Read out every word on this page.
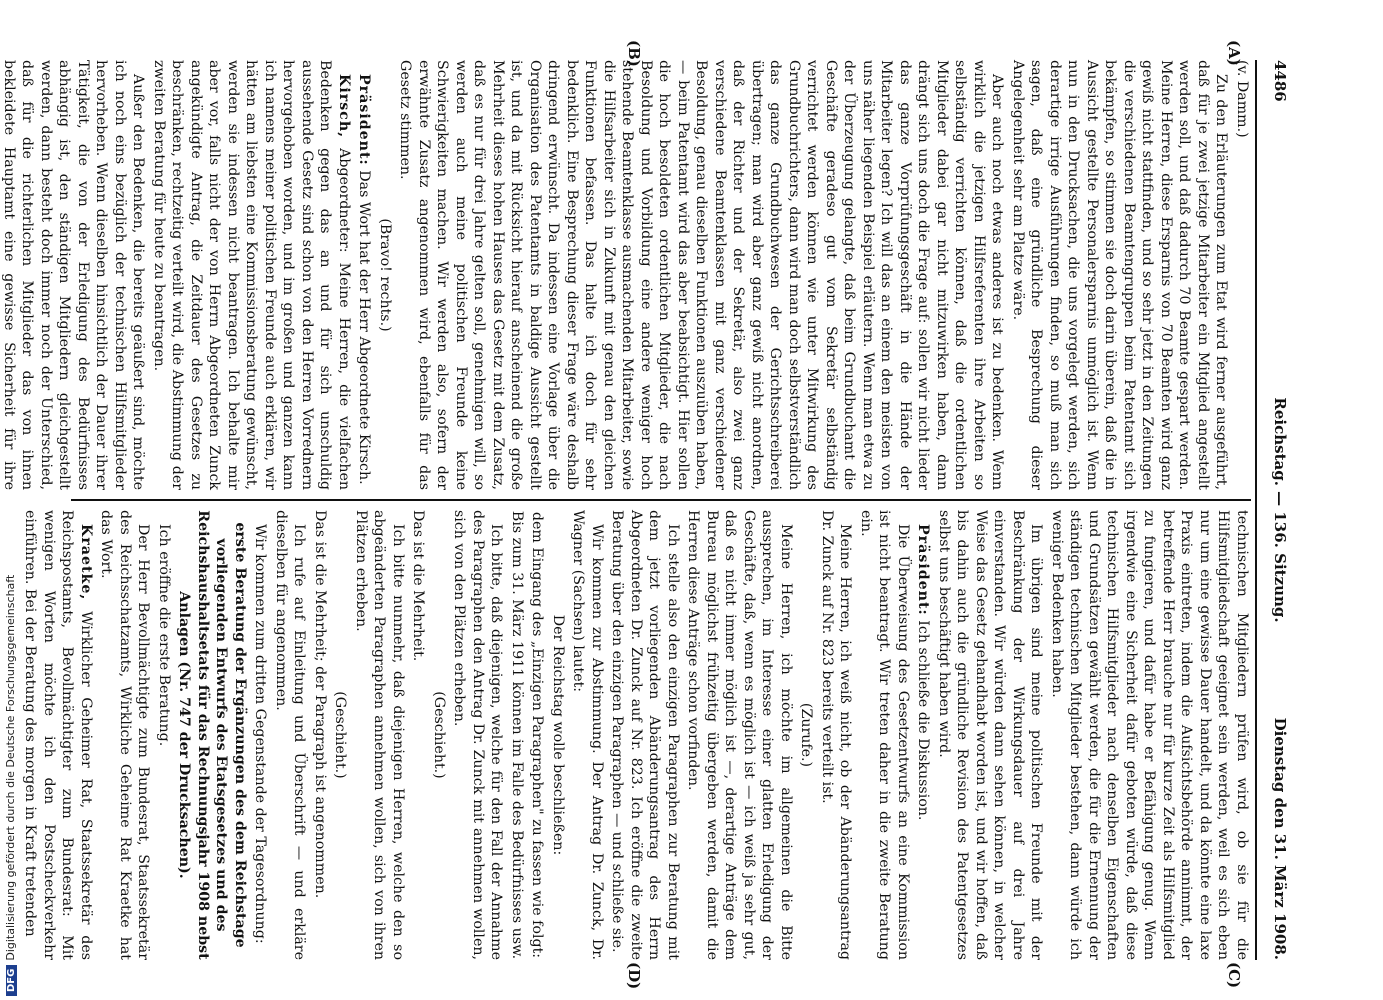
4486
Reichstag. — 136. Sitzung.
Dienstag den 31. März 1908.
(A)
(B)
(C)
(D)

(v. Damm.)

Zu den Erläuterungen zum Etat wird ferner ausgeführt, daß für je zwei jetzige Mitarbeiter ein Mitglied angestellt werden soll, und daß dadurch 70 Beamte gespart werden. Meine Herren, diese Ersparnis von 70 Beamten wird ganz gewiß nicht stattfinden, und so sehr jetzt in den Zeitungen die verschiedenen Beamtengruppen beim Patentamt sich bekämpfen, so stimmen sie doch darin überein, daß die in Aussicht gestellte Personalersparnis unmöglich ist. Wenn nun in den Drucksachen, die uns vorgelegt werden, sich derartige irrige Ausführungen finden, so muß man sich sagen, daß eine gründliche Besprechung dieser Angelegenheit sehr am Platze wäre.

Aber auch noch etwas anderes ist zu bedenken. Wenn wirklich die jetzigen Hilfsreferenten ihre Arbeiten so selbständig verrichten können, daß die ordentlichen Mitglieder dabei gar nicht mitzuwirken haben, dann drängt sich uns doch die Frage auf: sollen wir nicht lieder das ganze Vorprüfungsgeschäft in die Hände der Mitarbeiter legen? Ich will das an einem den meisten von uns näher liegenden Beispiel erläutern. Wenn man etwa zu der Überzeugung gelangte, daß beim Grundbuchamt die Geschäfte geradeso gut vom Sekretär selbständig verrichtet werden können wie unter Mitwirkung des Grundbuchrichters, dann wird man doch selbstverständlich das ganze Grundbuchwesen der Gerichtsschreiberei übertragen; man wird aber ganz gewiß nicht anordnen, daß der Richter und der Sekretär, also zwei ganz verschiedene Beamtenklassen mit ganz verschiedener Besoldung, genau dieselben Funktionen auszuüben haben, — beim Patentamt wird das aber beabsichtigt. Hier sollen die hoch besoldeten ordentlichen Mitglieder, die nach Besoldung und Vorbildung eine andere weniger hoch stehende Beamtenklasse ausmachenden Mitarbeiter, sowie die Hilfsarbeiter sich in Zukunft mit genau den gleichen Funktionen befassen. Das halte ich doch für sehr bedenklich. Eine Besprechung dieser Frage wäre deshalb dringend erwünscht. Da indessen eine Vorlage über die Organisation des Patentamts in baldige Aussicht gestellt ist, und da mit Rücksicht hierauf anscheinend die große Mehrheit dieses hohen Hauses das Gesetz mit dem Zusatz, daß es nur für drei Jahre gelten soll, genehmigen will, so werden auch meine politischen Freunde keine Schwierigkeiten machen. Wir werden also, sofern der erwähnte Zusatz angenommen wird, ebenfalls für das Gesetz stimmen.

(Bravo! rechts.)

Präsident: Das Wort hat der Herr Abgeordnete Kirsch.

Kirsch, Abgeordneter: Meine Herren, die vielfachen Bedenken gegen das an und für sich unschuldig aussehende Gesetz sind schon von den Herren Vorrednern hervorgehoben worden, und im großen und ganzen kann ich namens meiner politischen Freunde auch erklären, wir hätten am liebsten eine Kommissionsberatung gewünscht, werden sie indessen nicht beantragen. Ich behalte mir aber vor, falls nicht der von Herrn Abgeordneten Zunck angekündigte Antrag, die Zeitdauer des Gesetzes zu beschränken, rechtzeitig verteilt wird, die Abstimmung der zweiten Beratung für heute zu beantragen.

Außer den Bedenken, die bereits geäußert sind, möchte ich noch eins bezüglich der technischen Hilfsmitglieder hervorheben. Wenn dieselben hinsichtlich der Dauer ihrer Tätigkeit, die von der Erledigung des Bedürfnisses abhängig ist, den ständigen Mitgliedern gleichgestellt werden, dann besteht doch immer noch der Unterschied, daß für die richterlichen Mitglieder das von ihnen bekleidete Hauptamt eine gewisse Sicherheit für ihre

technischen Mitgliedern prüfen wird, ob sie für die Hilfsmitgliedschaft geeignet sein werden, weil es sich eben nur um eine gewisse Dauer handelt, und da könnte eine laxe Praxis eintreten, indem die Aufsichtsbehörde annimmt, der betreffende Herr brauche nur für kurze Zeit als Hilfsmitglied zu fungieren, und dafür habe er Befähigung genug. Wenn irgendwie eine Sicherheit dafür geboten würde, daß diese technischen Hilfsmitglieder nach denselben Eigenschaften und Grundsätzen gewählt werden, die für die Ernennung der ständigen technischen Mitglieder bestehen, dann würde ich weniger Bedenken haben.

Im übrigen sind meine politischen Freunde mit der Beschränkung der Wirkungsdauer auf drei Jahre einverstanden. Wir würden dann sehen können, in welcher Weise das Gesetz gehandhabt worden ist, und wir hoffen, daß bis dahin auch die gründliche Revision des Patentgesetzes selbst uns beschäftigt haben wird.

Präsident: Ich schließe die Diskussion.

Die Überweisung des Gesetzentwurfs an eine Kommission ist nicht beantragt. Wir treten daher in die zweite Beratung ein.

Meine Herren, ich weiß nicht, ob der Abänderungsantrag Dr. Zunck auf Nr. 823 bereits verteilt ist.

(Zurufe.)

Meine Herren, ich möchte im allgemeinen die Bitte aussprechen, im Interesse einer glatten Erledigung der Geschäfte, daß, wenn es möglich ist — ich weiß ja sehr gut, daß es nicht immer möglich ist —, derartige Anträge dem Bureau möglichst frühzeitig übergeben werden, damit die Herren diese Anträge schon vorfinden.

Ich stelle also den einzigen Paragraphen zur Beratung mit dem jetzt vorliegenden Abänderungsantrag des Herrn Abgeordneten Dr. Zunck auf Nr. 823. Ich eröffne die zweite Beratung über den einzigen Paragraphen — und schließe sie.

Wir kommen zur Abstimmung. Der Antrag Dr. Zunck, Dr. Wagner (Sachsen) lautet:

Der Reichstag wolle beschließen:

dem Eingang des „Einzigen Paragraphen" zu fassen wie folgt:

Bis zum 31. März 1911 können im Falle des Bedürfnisses usw.

Ich bitte, daß diejenigen, welche für den Fall der Annahme des Paragraphen den Antrag Dr. Zunck mit annehmen wollen, sich von den Plätzen erheben.

(Geschieht.)

Das ist die Mehrheit.

Ich bitte nunmehr, daß diejenigen Herren, welche den so abgeänderten Paragraphen annehmen wollen, sich von ihren Plätzen erheben.

(Geschieht.)

Das ist die Mehrheit; der Paragraph ist angenommen.

Ich rufe auf Einleitung und Überschrift — und erkläre dieselben für angenommen.

Wir kommen zum dritten Gegenstande der Tagesordnung:

erste Beratung der Ergänzungen des dem Reichstage vorliegenden Entwurfs des Etatsgesetzes und des Reichshaushaltsetats für das Rechnungsjahr 1908 nebst Anlagen (Nr. 747 der Drucksachen).

Ich eröffne die erste Beratung.

Der Herr Bevollmächtigte zum Bundesrat, Staatssekretär des Reichsschatzamts, Wirkliche Geheime Rat Kraetke hat das Wort.

Kraetke, Wirklicher Geheimer Rat, Staatssekretär des Reichspostamts, Bevollmächtigter zum Bundesrat: Mit wenigen Worten möchte ich den Postscheckverkehr einführen. Bei der Beratung des morgen in Kraft tretenden

DFGDigitalisierung gefördert durch die Deutsche Forschungsgemeinschaft
